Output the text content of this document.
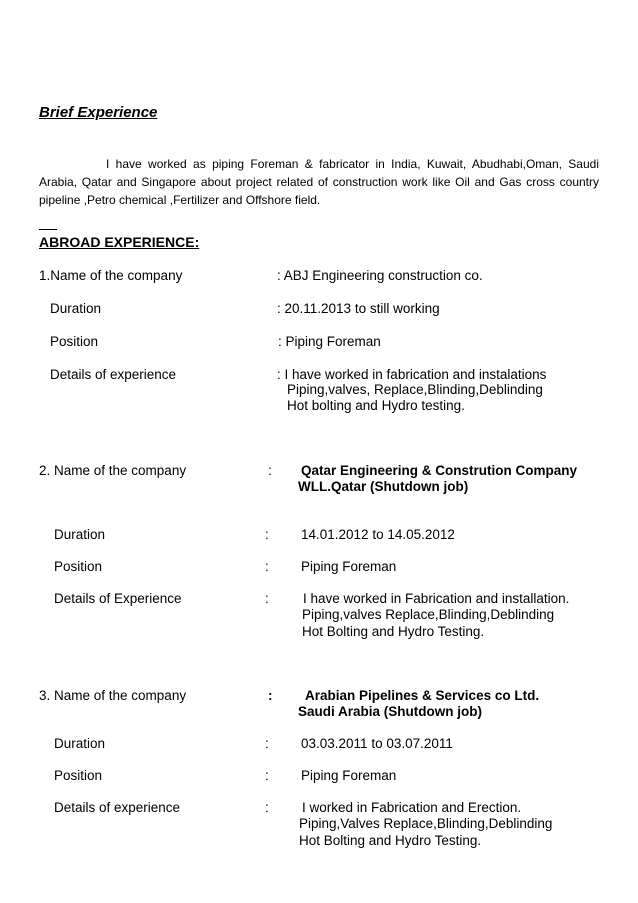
Brief Experience
I have worked as piping Foreman & fabricator in India, Kuwait, Abudhabi,Oman, Saudi Arabia, Qatar and Singapore about project related of construction work like Oil and Gas cross country pipeline ,Petro chemical ,Fertilizer and Offshore field.
ABROAD EXPERIENCE:
1.Name of the company	: ABJ Engineering construction co.
Duration	: 20.11.2013 to still working
Position	: Piping Foreman
Details of experience	: I have worked in fabrication and instalations
Piping,valves, Replace,Blinding,Deblinding
Hot bolting and Hydro testing.
2. Name of the company	: Qatar Engineering & Constrution Company
WLL.Qatar (Shutdown job)
Duration	: 14.01.2012 to 14.05.2012
Position	: Piping Foreman
Details of Experience	:	I have worked in Fabrication and installation.
Piping,valves Replace,Blinding,Deblinding
Hot Bolting and Hydro Testing.
3. Name of the company	: Arabian Pipelines & Services co Ltd.
Saudi Arabia (Shutdown job)
Duration	: 03.03.2011 to 03.07.2011
Position	: Piping Foreman
Details of experience	: I worked in Fabrication and Erection.
Piping,Valves Replace,Blinding,Deblinding
Hot Bolting and Hydro Testing.
